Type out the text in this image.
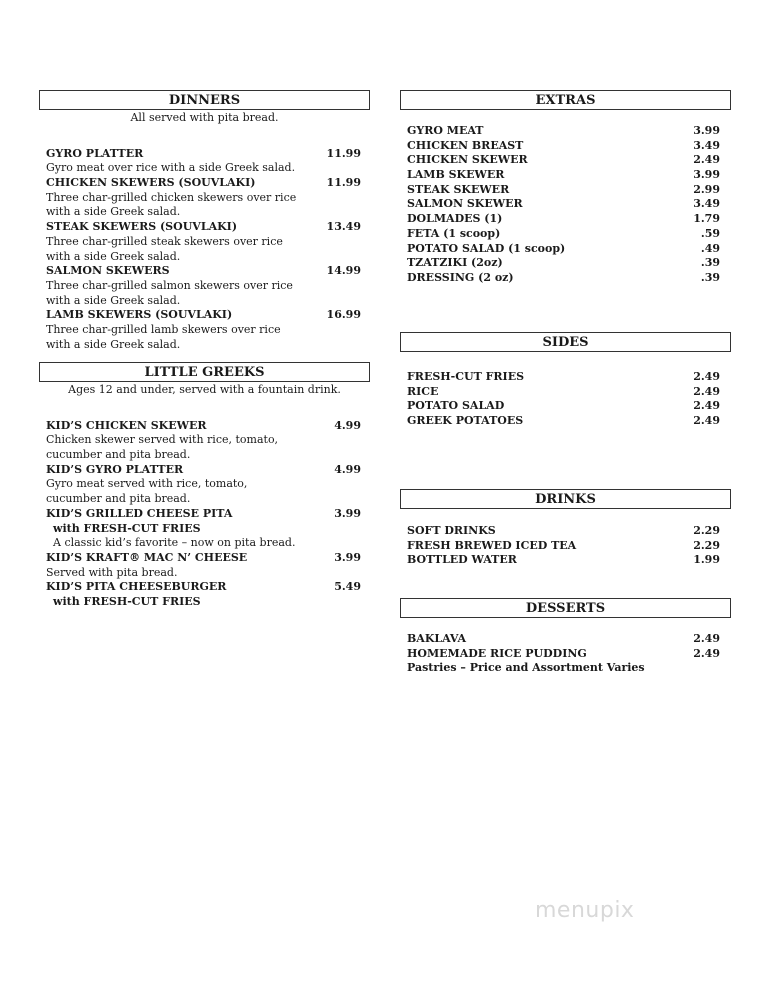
DINNERS
All served with pita bread.
GYRO PLATTER	11.99
Gyro meat over rice with a side Greek salad.
CHICKEN SKEWERS (SOUVLAKI)	11.99
Three char-grilled chicken skewers over rice
with a side Greek salad.
STEAK SKEWERS (SOUVLAKI)	13.49
Three char-grilled steak skewers over rice
with a side Greek salad.
SALMON SKEWERS	14.99
Three char-grilled salmon skewers over rice
with a side Greek salad.
LAMB SKEWERS (SOUVLAKI)	16.99
Three char-grilled lamb skewers over rice
with a side Greek salad.
LITTLE GREEKS
Ages 12 and under, served with a fountain drink.
KID’S CHICKEN SKEWER	4.99
Chicken skewer served with rice, tomato,
cucumber and pita bread.
KID’S GYRO PLATTER	4.99
Gyro meat served with rice, tomato,
cucumber and pita bread.
KID’S GRILLED CHEESE PITA	3.99
with FRESH-CUT FRIES
A classic kid’s favorite – now on pita bread.
KID’S KRAFT® MAC N’ CHEESE	3.99
Served with pita bread.
KID’S PITA CHEESEBURGER	5.49
with FRESH-CUT FRIES
EXTRAS
GYRO MEAT	3.99
CHICKEN BREAST	3.49
CHICKEN SKEWER	2.49
LAMB SKEWER	3.99
STEAK SKEWER	2.99
SALMON SKEWER	3.49
DOLMADES (1)	1.79
FETA (1 scoop)	.59
POTATO SALAD (1 scoop)	.49
TZATZIKI (2oz)	.39
DRESSING (2 oz)	.39
SIDES
FRESH-CUT FRIES	2.49
RICE	2.49
POTATO SALAD	2.49
GREEK POTATOES	2.49
DRINKS
SOFT DRINKS	2.29
FRESH BREWED ICED TEA	2.29
BOTTLED WATER	1.99
DESSERTS
BAKLAVA	2.49
HOMEMADE RICE PUDDING	2.49
Pastries – Price and Assortment Varies
menupix
